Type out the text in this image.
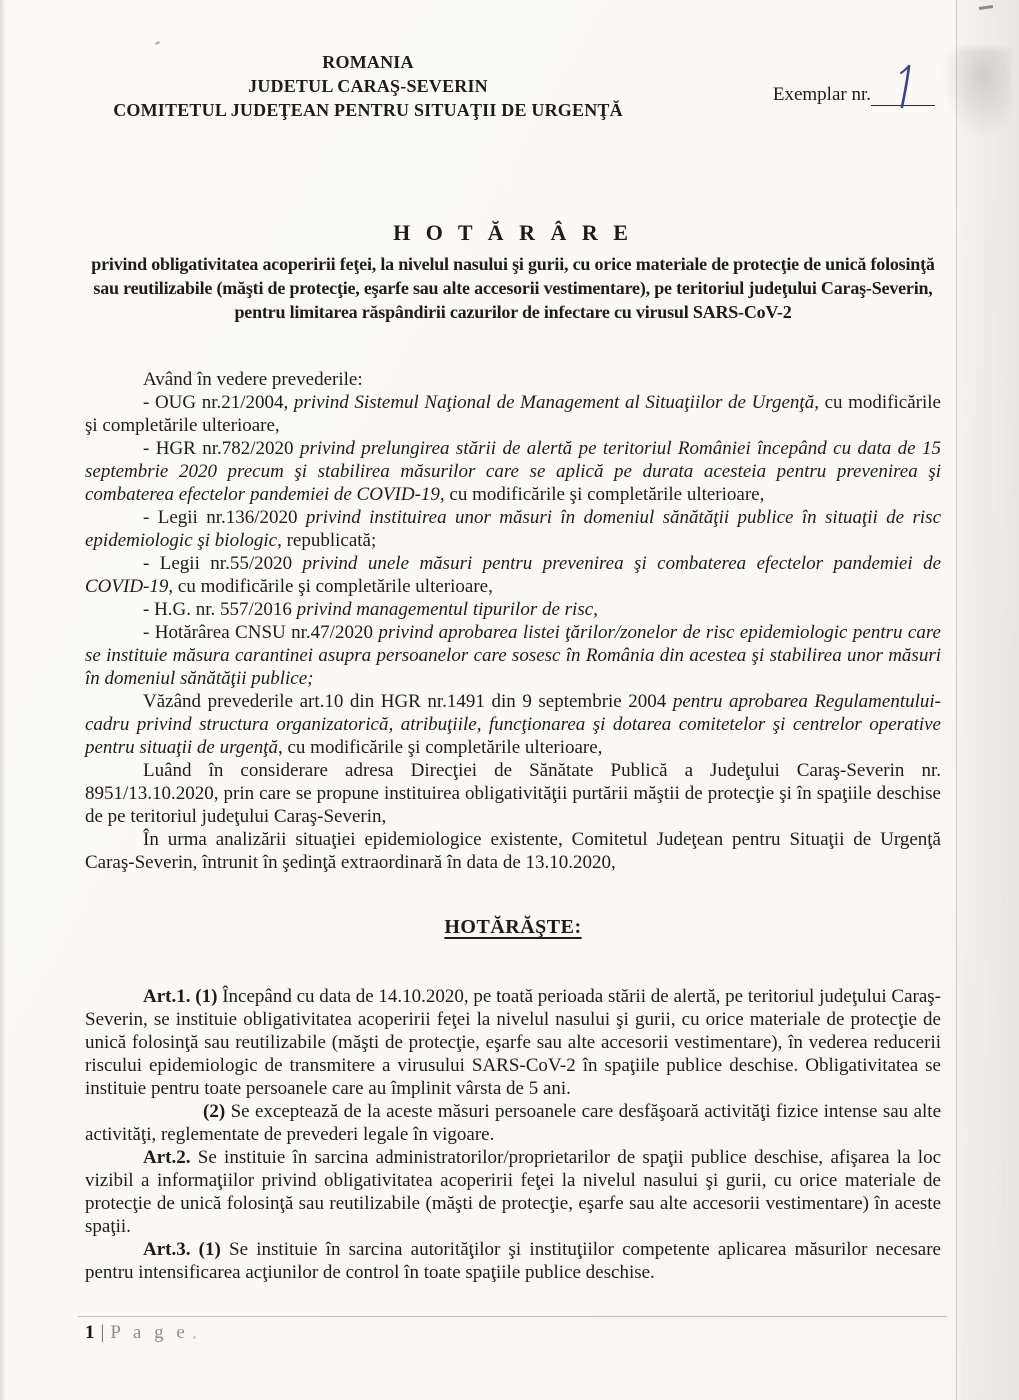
ROMANIA
JUDETUL CARAŞ-SEVERIN
COMITETUL JUDEŢEAN PENTRU SITUAŢII DE URGENŢĂ
Exemplar nr.
H O T Ă R Â R E
privind obligativitatea acoperirii feţei, la nivelul nasului şi gurii, cu orice materiale de protecţie de unică folosinţă sau reutilizabile (măşti de protecţie, eşarfe sau alte accesorii vestimentare), pe teritoriul judeţului Caraş-Severin, pentru limitarea răspândirii cazurilor de infectare cu virusul SARS-CoV-2

Având în vedere prevederile:

- OUG nr.21/2004, privind Sistemul Naţional de Management al Situaţiilor de Urgenţă, cu modificările şi completările ulterioare,

- HGR nr.782/2020 privind prelungirea stării de alertă pe teritoriul României începând cu data de 15 septembrie 2020 precum şi stabilirea măsurilor care se aplică pe durata acesteia pentru prevenirea şi combaterea efectelor pandemiei de COVID-19, cu modificările şi completările ulterioare,

- Legii nr.136/2020 privind instituirea unor măsuri în domeniul sănătăţii publice în situaţii de risc epidemiologic şi biologic, republicată;

- Legii nr.55/2020 privind unele măsuri pentru prevenirea şi combaterea efectelor pandemiei de COVID-19, cu modificările şi completările ulterioare,

- H.G. nr. 557/2016 privind managementul tipurilor de risc,

- Hotărârea CNSU nr.47/2020 privind aprobarea listei ţărilor/zonelor de risc epidemiologic pentru care se instituie măsura carantinei asupra persoanelor care sosesc în România din acestea şi stabilirea unor măsuri în domeniul sănătăţii publice;

Văzând prevederile art.10 din HGR nr.1491 din 9 septembrie 2004 pentru aprobarea Regulamentului-cadru privind structura organizatorică, atribuţiile, funcţionarea şi dotarea comitetelor şi centrelor operative pentru situaţii de urgenţă, cu modificările şi completările ulterioare,

Luând în considerare adresa Direcţiei de Sănătate Publică a Judeţului Caraş-Severin nr. 8951/13.10.2020, prin care se propune instituirea obligativităţii purtării măştii de protecţie şi în spaţiile deschise de pe teritoriul judeţului Caraş-Severin,

În urma analizării situaţiei epidemiologice existente, Comitetul Judeţean pentru Situaţii de Urgenţă Caraş-Severin, întrunit în şedinţă extraordinară în data de 13.10.2020,

HOTĂRĂŞTE:

Art.1. (1) Începând cu data de 14.10.2020, pe toată perioada stării de alertă, pe teritoriul judeţului Caraş-Severin, se instituie obligativitatea acoperirii feţei la nivelul nasului şi gurii, cu orice materiale de protecţie de unică folosinţă sau reutilizabile (măşti de protecţie, eşarfe sau alte accesorii vestimentare), în vederea reducerii riscului epidemiologic de transmitere a virusului SARS-CoV-2 în spaţiile publice deschise. Obligativitatea se instituie pentru toate persoanele care au împlinit vârsta de 5 ani.

(2) Se exceptează de la aceste măsuri persoanele care desfăşoară activităţi fizice intense sau alte activităţi, reglementate de prevederi legale în vigoare.

Art.2. Se instituie în sarcina administratorilor/proprietarilor de spaţii publice deschise, afişarea la loc vizibil a informaţiilor privind obligativitatea acoperirii feţei la nivelul nasului şi gurii, cu orice materiale de protecţie de unică folosinţă sau reutilizabile (măşti de protecţie, eşarfe sau alte accesorii vestimentare) în aceste spaţii.

Art.3. (1) Se instituie în sarcina autorităţilor şi instituţiilor competente aplicarea măsurilor necesare pentru intensificarea acţiunilor de control în toate spaţiile publice deschise.

1 | P a g e
